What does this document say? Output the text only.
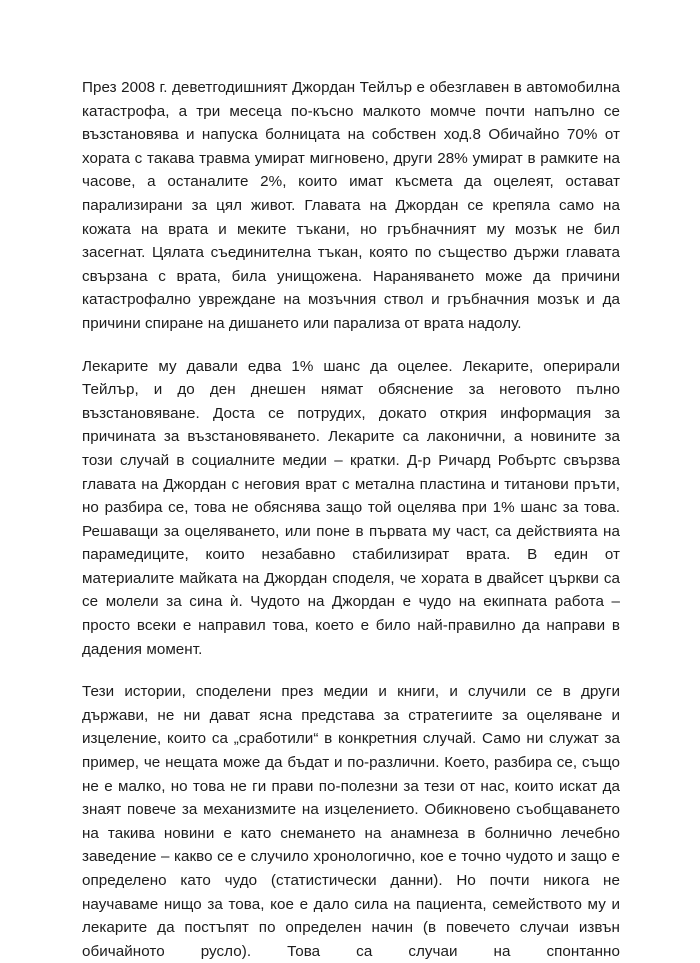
През 2008 г. деветгодишният Джордан Тейлър е обезглавен в автомобилна катастрофа, а три месеца по-късно малкото момче почти напълно се възстановява и напуска болницата на собствен ход.8 Обичайно 70% от хората с такава травма умират мигновено, други 28% умират в рамките на часове, а останалите 2%, които имат късмета да оцелеят, остават парализирани за цял живот. Главата на Джордан се крепяла само на кожата на врата и меките тъкани, но гръбначният му мозък не бил засегнат. Цялата съединителна тъкан, която по същество държи главата свързана с врата, била унищожена. Нараняването може да причини катастрофално увреждане на мозъчния ствол и гръбначния мозък и да причини спиране на дишането или парализа от врата надолу.

Лекарите му давали едва 1% шанс да оцелее. Лекарите, оперирали Тейлър, и до ден днешен нямат обяснение за неговото пълно възстановяване. Доста се потрудих, докато открия информация за причината за възстановяването. Лекарите са лаконични, а новините за този случай в социалните медии – кратки. Д-р Ричард Робъртс свързва главата на Джордан с неговия врат с метална пластина и титанови пръти, но разбира се, това не обяснява защо той оцелява при 1% шанс за това. Решаващи за оцеляването, или поне в първата му част, са действията на парамедиците, които незабавно стабилизират врата. В един от материалите майката на Джордан споделя, че хората в двайсет църкви са се молели за сина ѝ. Чудото на Джордан е чудо на екипната работа – просто всеки е направил това, което е било най-правилно да направи в дадения момент.

Тези истории, споделени през медии и книги, и случили се в други държави, не ни дават ясна представа за стратегиите за оцеляване и изцеление, които са „сработили“ в конкретния случай. Само ни служат за пример, че нещата може да бъдат и по-различни. Което, разбира се, също не е малко, но това не ги прави по-полезни за тези от нас, които искат да знаят повече за механизмите на изцелението. Обикновено съобщаването на такива новини е като снемането на анамнеза в болнично лечебно заведение – какво се е случило хронологично, кое е точно чудото и защо е определено като чудо (статистически данни). Но почти никога не научаваме нищо за това, кое е дало сила на пациента, семейството му и лекарите да постъпят по определен начин (в повечето случаи извън обичайното русло). Това са случаи на спонтанно
